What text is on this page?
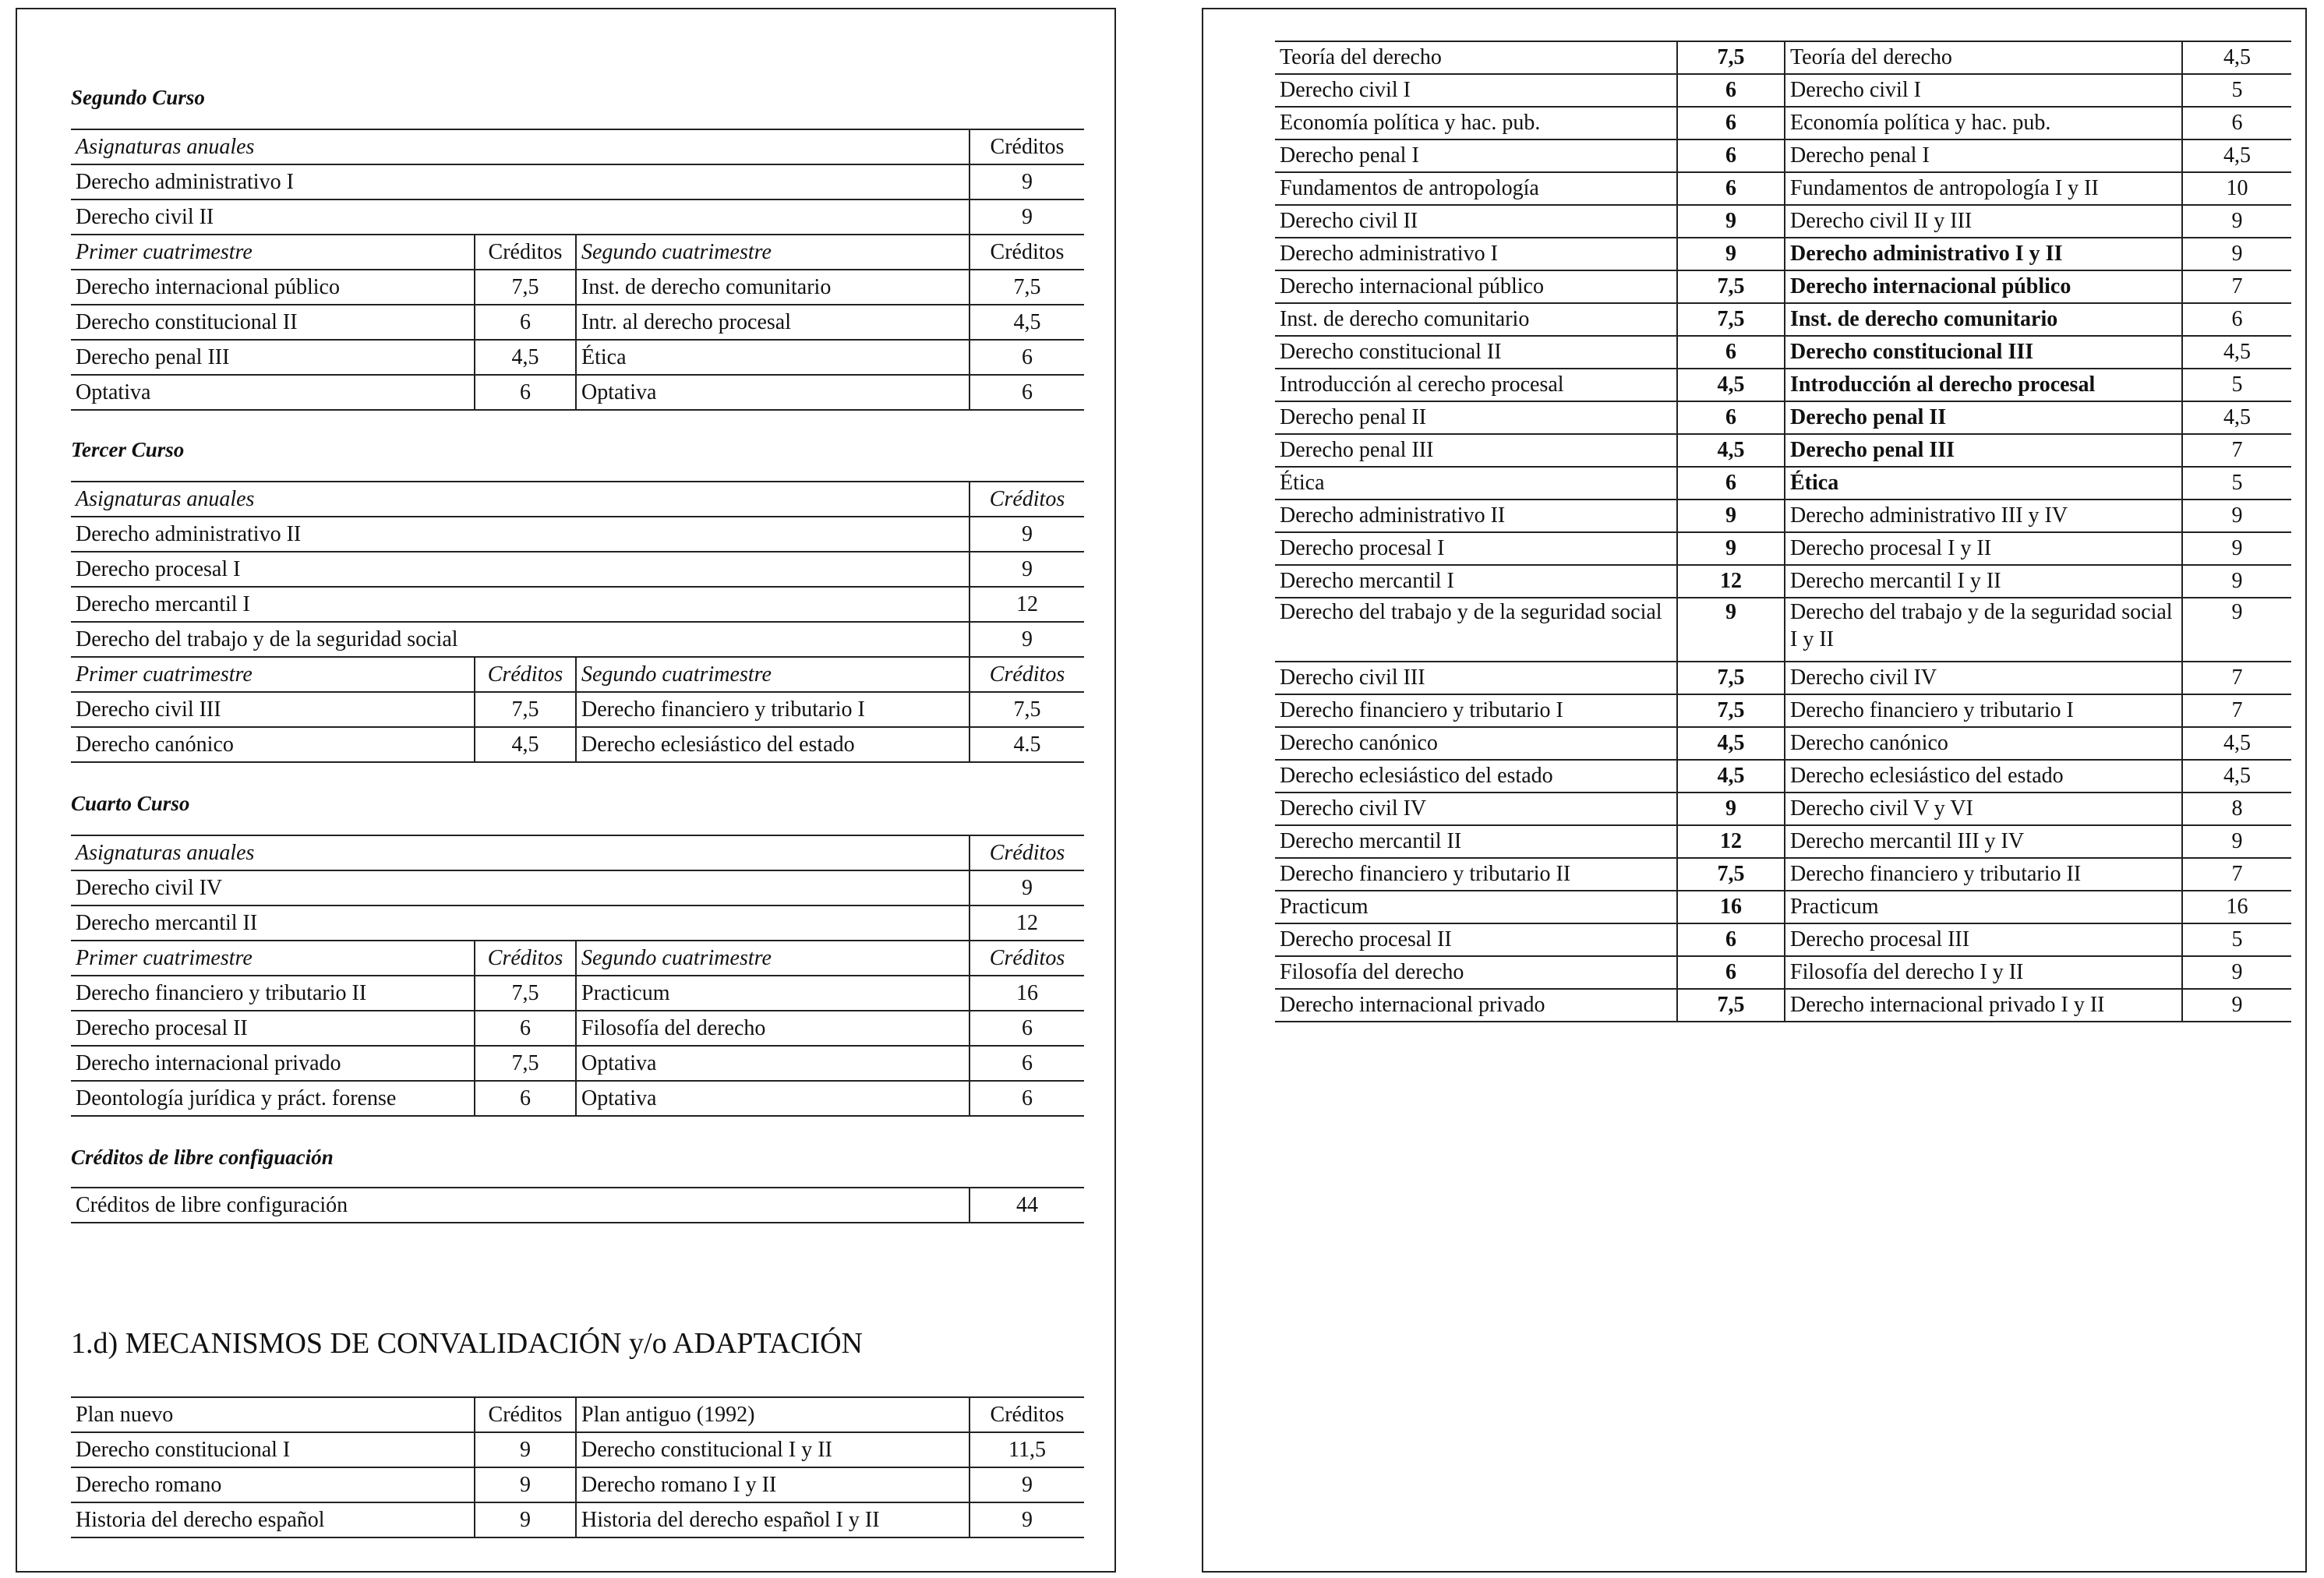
Segundo Curso
Asignaturas anuales			Créditos
Derecho administrativo I			9
Derecho civil II			9
Primer cuatrimestre	Créditos	Segundo cuatrimestre	Créditos
Derecho internacional público	7,5	Inst. de derecho comunitario	7,5
Derecho constitucional II	6	Intr. al derecho procesal	4,5
Derecho penal III	4,5	Ética	6
Optativa	6	Optativa	6
Tercer Curso
Asignaturas anuales			Créditos
Derecho administrativo II			9
Derecho procesal I			9
Derecho mercantil I			12
Derecho del trabajo y de la seguridad social			9
Primer cuatrimestre	Créditos	Segundo cuatrimestre	Créditos
Derecho civil III	7,5	Derecho financiero y tributario I	7,5
Derecho canónico	4,5	Derecho eclesiástico del estado	4.5
Cuarto Curso
Asignaturas anuales			Créditos
Derecho civil IV			9
Derecho mercantil II			12
Primer cuatrimestre	Créditos	Segundo cuatrimestre	Créditos
Derecho financiero y tributario II	7,5	Practicum	16
Derecho procesal II	6	Filosofía del derecho	6
Derecho internacional privado	7,5	Optativa	6
Deontología jurídica y práct. forense	6	Optativa	6
Créditos de libre configuación
Créditos de libre configuración	44
1.d) MECANISMOS DE CONVALIDACIÓN y/o ADAPTACIÓN
Plan nuevo	Créditos	Plan antiguo (1992)	Créditos
Derecho constitucional I	9	Derecho constitucional I y II	11,5
Derecho romano	9	Derecho romano I y II	9
Historia del derecho español	9	Historia del derecho español I y II	9
Teoría del derecho	7,5	Teoría del derecho	4,5
Derecho civil I	6	Derecho civil I	5
Economía política y hac. pub.	6	Economía política y hac. pub.	6
Derecho penal I	6	Derecho penal I	4,5
Fundamentos de antropología	6	Fundamentos de antropología I y II	10
Derecho civil II	9	Derecho civil II y III	9
Derecho administrativo I	9	Derecho administrativo I y II	9
Derecho internacional público	7,5	Derecho internacional público	7
Inst. de derecho comunitario	7,5	Inst. de derecho comunitario	6
Derecho constitucional II	6	Derecho constitucional III	4,5
Introducción al cerecho procesal	4,5	Introducción al derecho procesal	5
Derecho penal II	6	Derecho penal II	4,5
Derecho penal III	4,5	Derecho penal III	7
Ética	6	Ética	5
Derecho administrativo II	9	Derecho administrativo III y IV	9
Derecho procesal I	9	Derecho procesal I y II	9
Derecho mercantil I	12	Derecho mercantil I y II	9
Derecho del trabajo y de la seguridad social	9	Derecho del trabajo y de la seguridad social I y II	9
Derecho civil III	7,5	Derecho civil IV	7
Derecho financiero y tributario I	7,5	Derecho financiero y tributario I	7
Derecho canónico	4,5	Derecho canónico	4,5
Derecho eclesiástico del estado	4,5	Derecho eclesiástico del estado	4,5
Derecho civil IV	9	Derecho civil V y VI	8
Derecho mercantil II	12	Derecho mercantil III y IV	9
Derecho financiero y tributario II	7,5	Derecho financiero y tributario II	7
Practicum	16	Practicum	16
Derecho procesal II	6	Derecho procesal III	5
Filosofía del derecho	6	Filosofía del derecho I y II	9
Derecho internacional privado	7,5	Derecho internacional privado I y II	9
